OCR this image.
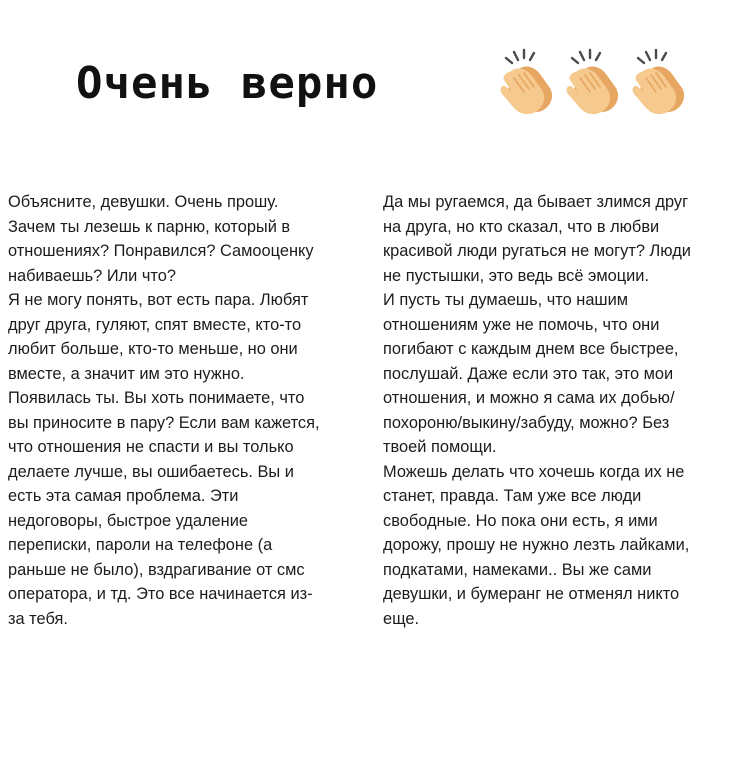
Очень верно
Объясните, девушки. Очень прошу.
Зачем ты лезешь к парню, который в
отношениях? Понравился? Самооценку
набиваешь? Или что?
Я не могу понять, вот есть пара. Любят
друг друга, гуляют, спят вместе, кто-то
любит больше, кто-то меньше, но они
вместе, а значит им это нужно.
Появилась ты. Вы хоть понимаете, что
вы приносите в пару? Если вам кажется,
что отношения не спасти и вы только
делаете лучше, вы ошибаетесь. Вы и
есть эта самая проблема. Эти
недоговоры, быстрое удаление
переписки, пароли на телефоне (а
раньше не было), вздрагивание от смс
оператора, и тд. Это все начинается из-
за тебя.
Да мы ругаемся, да бывает злимся друг
на друга, но кто сказал, что в любви
красивой люди ругаться не могут? Люди
не пустышки, это ведь всё эмоции.
И пусть ты думаешь, что нашим
отношениям уже не помочь, что они
погибают с каждым днем все быстрее,
послушай. Даже если это так, это мои
отношения, и можно я сама их добью/
похороню/выкину/забуду, можно? Без
твоей помощи.
Можешь делать что хочешь когда их не
станет, правда. Там уже все люди
свободные. Но пока они есть, я ими
дорожу, прошу не нужно лезть лайками,
подкатами, намеками.. Вы же сами
девушки, и бумеранг не отменял никто
еще.
